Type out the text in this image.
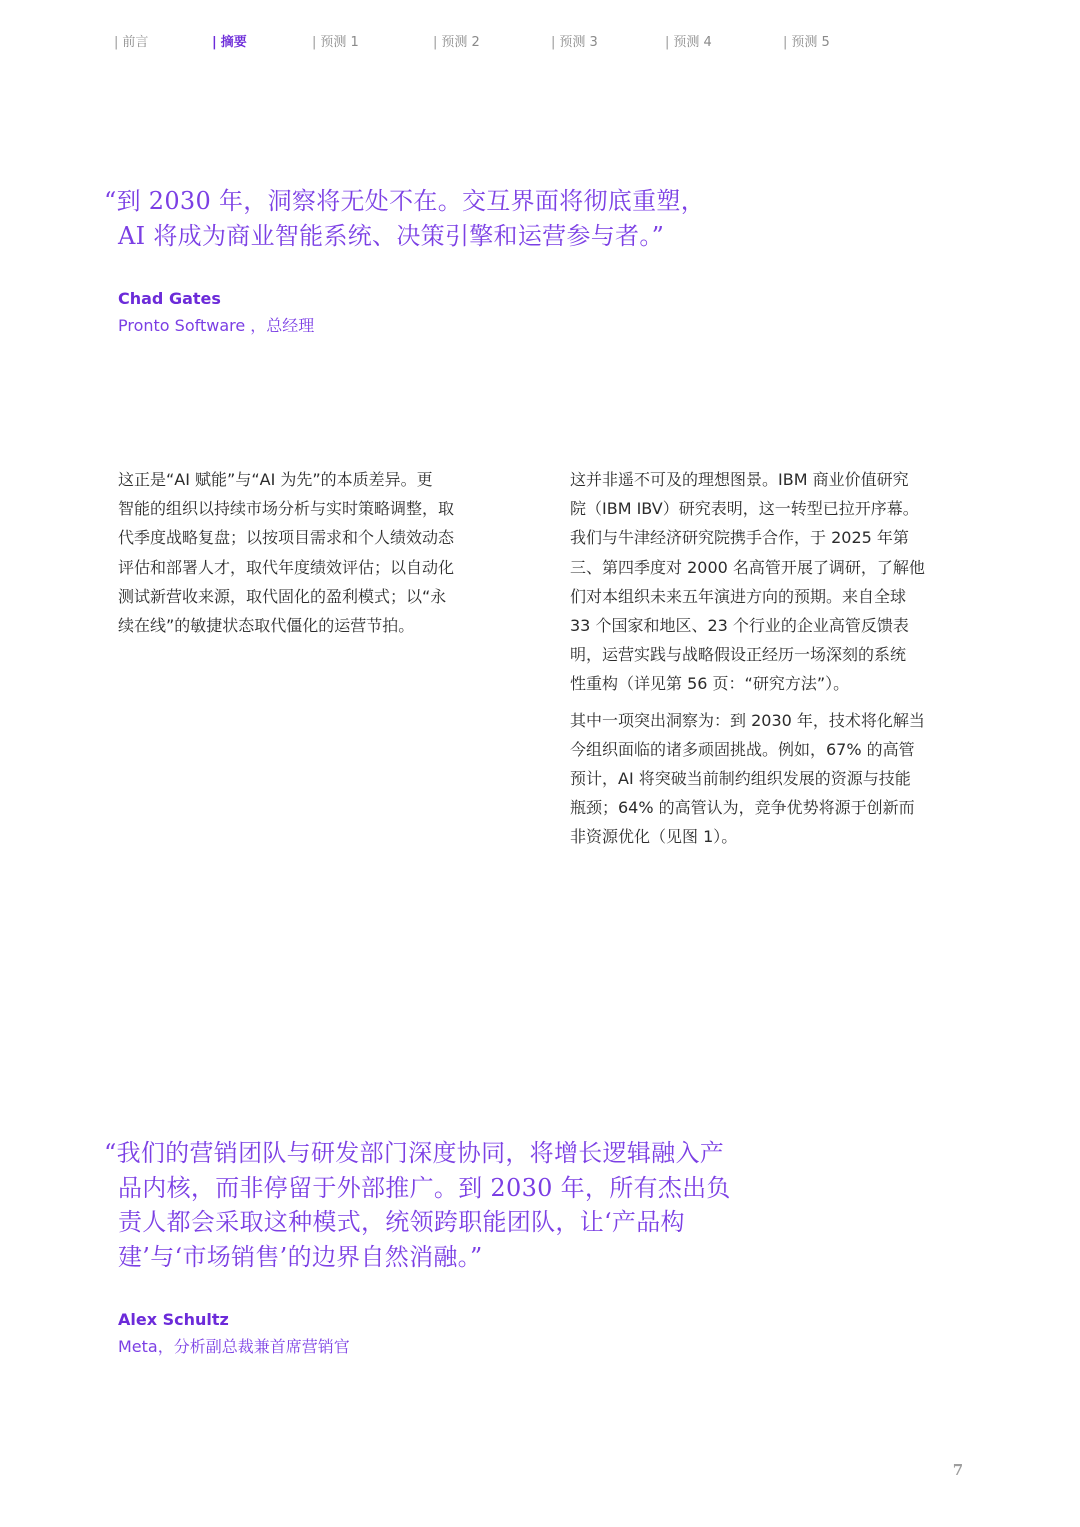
| 前言	| 摘要	| 预测 1	| 预测 2	| 预测 3	| 预测 4	| 预测 5
“到 2030 年，洞察将无处不在。交互界面将彻底重塑，
AI 将成为商业智能系统、决策引擎和运营参与者。”
Chad Gates
Pronto Software ，总经理
这正是“AI 赋能”与“AI 为先”的本质差异。更
智能的组织以持续市场分析与实时策略调整，取
代季度战略复盘；以按项目需求和个人绩效动态
评估和部署人才，取代年度绩效评估；以自动化
测试新营收来源，取代固化的盈利模式；以“永
续在线”的敏捷状态取代僵化的运营节拍。
这并非遥不可及的理想图景。IBM 商业价值研究
院（IBM IBV）研究表明，这一转型已拉开序幕。
我们与牛津经济研究院携手合作，于 2025 年第
三、第四季度对 2000 名高管开展了调研，了解他
们对本组织未来五年演进方向的预期。来自全球
33 个国家和地区、23 个行业的企业高管反馈表
明，运营实践与战略假设正经历一场深刻的系统
性重构（详见第 56 页：“研究方法”）。
其中一项突出洞察为：到 2030 年，技术将化解当
今组织面临的诸多顽固挑战。例如，67% 的高管
预计，AI 将突破当前制约组织发展的资源与技能
瓶颈；64% 的高管认为，竞争优势将源于创新而
非资源优化（见图 1）。
“我们的营销团队与研发部门深度协同，将增长逻辑融入产
品内核，而非停留于外部推广。到 2030 年，所有杰出负
责人都会采取这种模式，统领跨职能团队，让‘产品构
建’与‘市场销售’的边界自然消融。”
Alex Schultz
Meta，分析副总裁兼首席营销官
7
